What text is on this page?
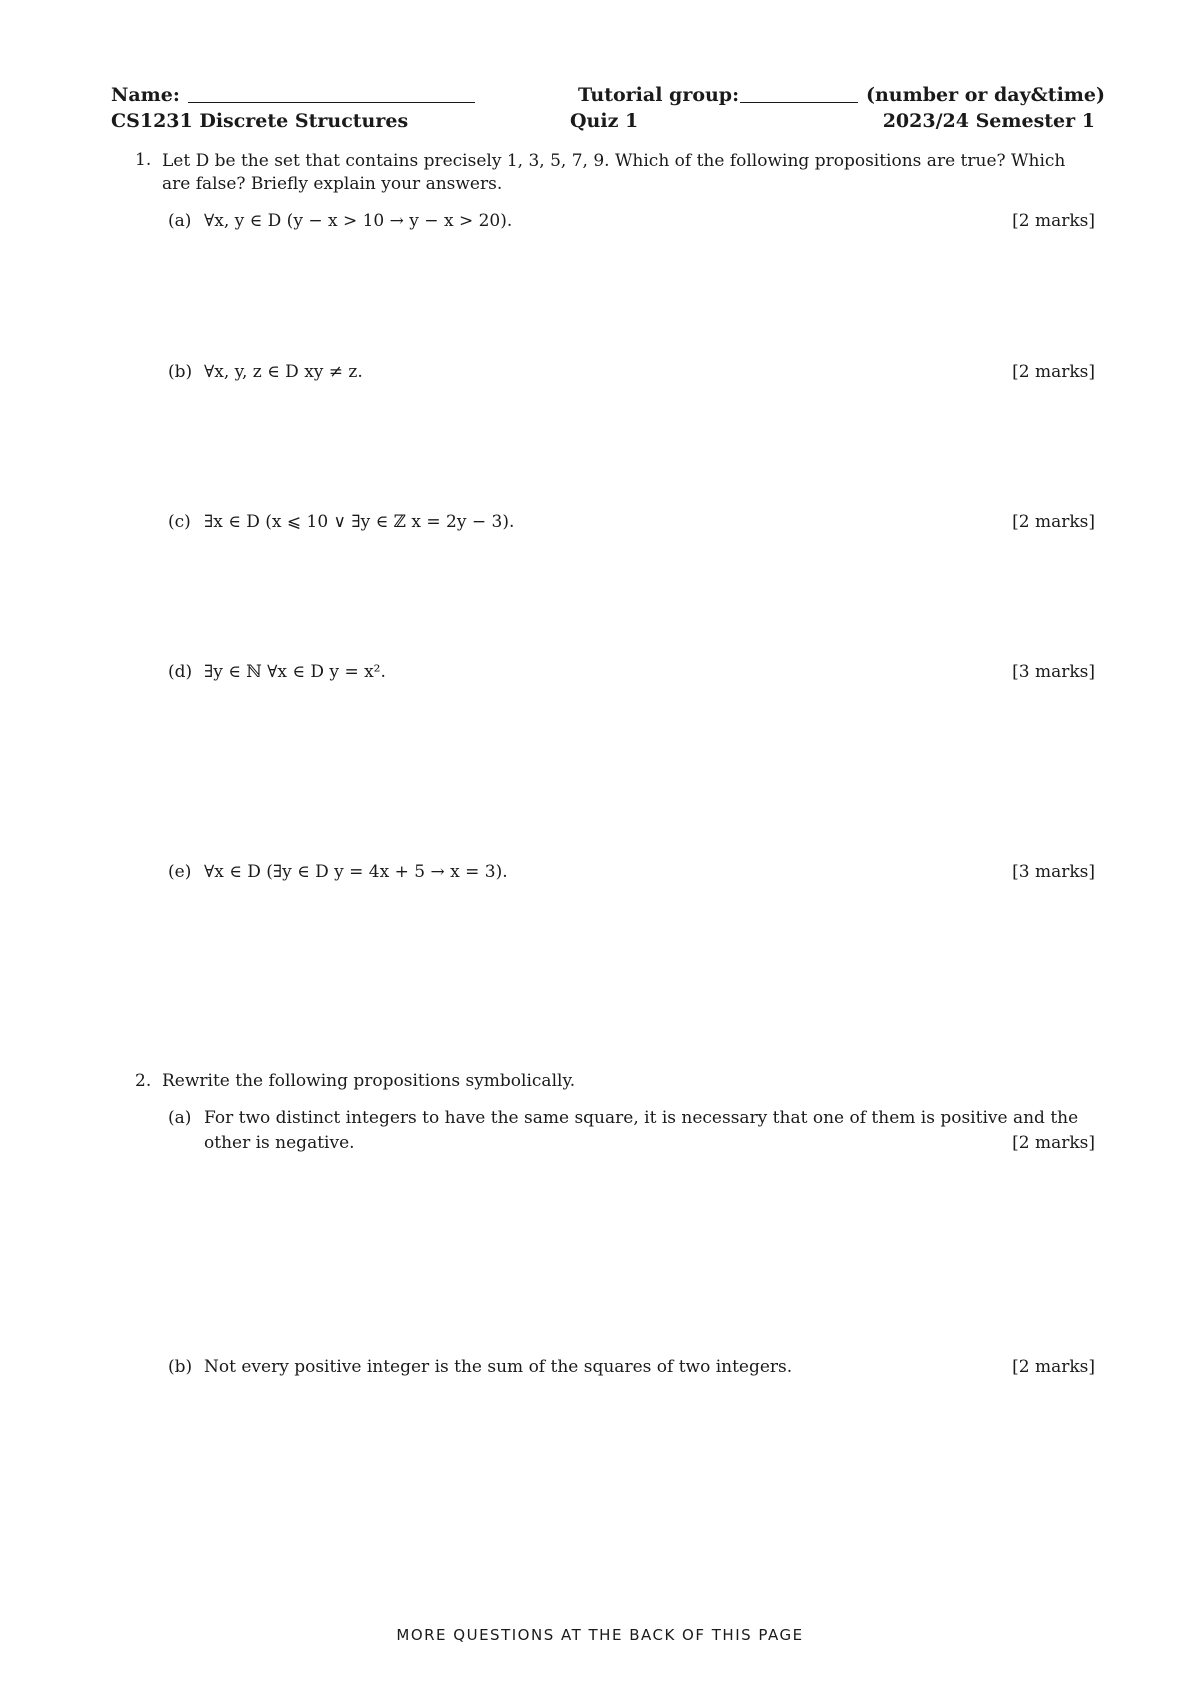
Name:	Tutorial group:	(number or day&time)
CS1231 Discrete Structures	Quiz 1	2023/24 Semester 1
1. Let D be the set that contains precisely 1, 3, 5, 7, 9. Which of the following propositions are true? Which are false? Briefly explain your answers.
(a) ∀x, y ∈ D (y − x > 10 → y − x > 20).	[2 marks]
(b) ∀x, y, z ∈ D xy ≠ z.	[2 marks]
(c) ∃x ∈ D (x ⩽ 10 ∨ ∃y ∈ ℤ x = 2y − 3).	[2 marks]
(d) ∃y ∈ ℕ ∀x ∈ D y = x².	[3 marks]
(e) ∀x ∈ D (∃y ∈ D y = 4x + 5 → x = 3).	[3 marks]
2. Rewrite the following propositions symbolically.
(a) For two distinct integers to have the same square, it is necessary that one of them is positive and the
other is negative.	[2 marks]
(b) Not every positive integer is the sum of the squares of two integers.	[2 marks]
MORE QUESTIONS AT THE BACK OF THIS PAGE
